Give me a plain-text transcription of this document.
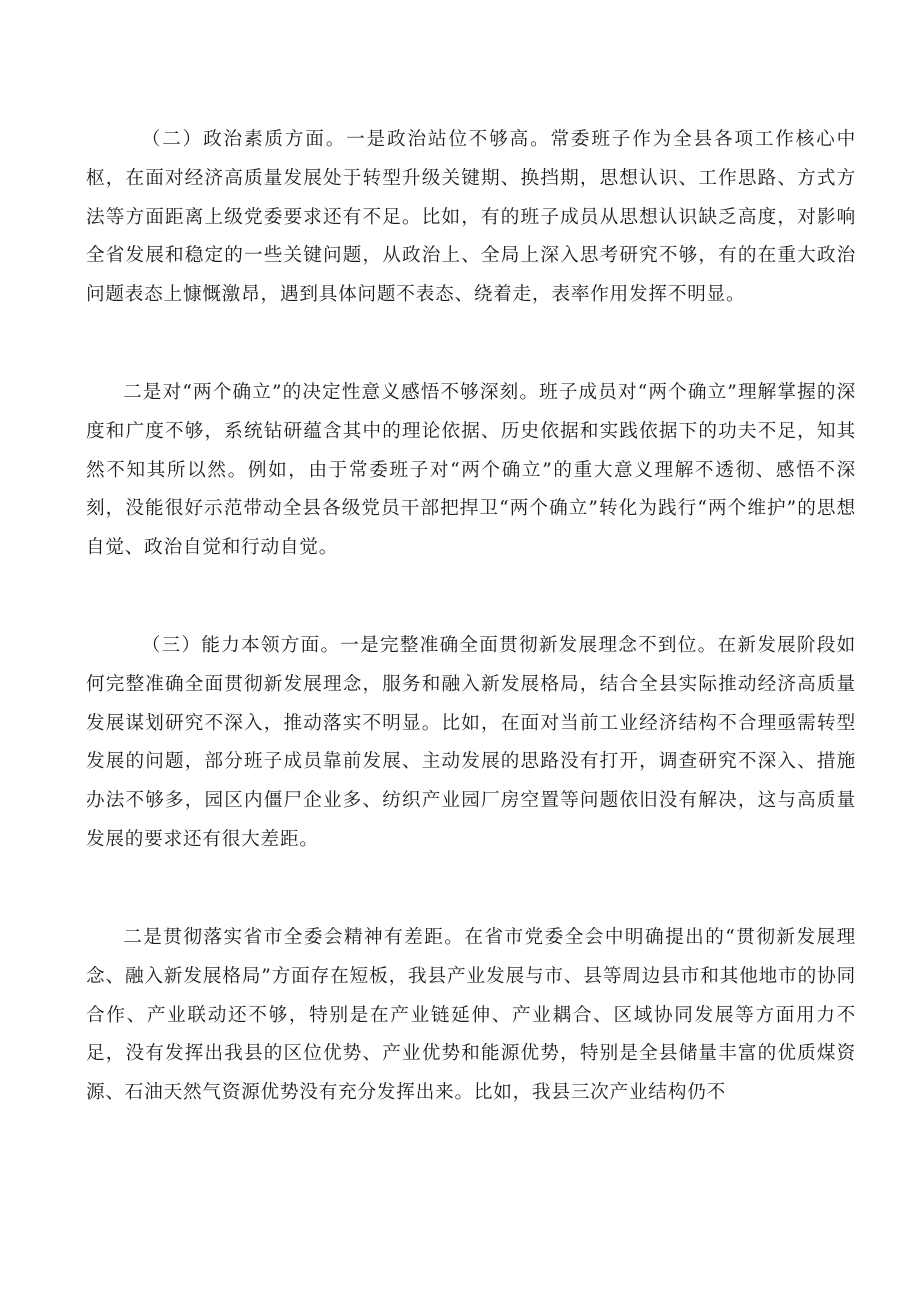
（二）政治素质方面。一是政治站位不够高。常委班子作为全县各项工作核心中枢，在面对经济高质量发展处于转型升级关键期、换挡期，思想认识、工作思路、方式方法等方面距离上级党委要求还有不足。比如，有的班子成员从思想认识缺乏高度，对影响全省发展和稳定的一些关键问题，从政治上、全局上深入思考研究不够，有的在重大政治问题表态上慷慨激昂，遇到具体问题不表态、绕着走，表率作用发挥不明显。

二是对“两个确立”的决定性意义感悟不够深刻。班子成员对“两个确立”理解掌握的深度和广度不够，系统钻研蕴含其中的理论依据、历史依据和实践依据下的功夫不足，知其然不知其所以然。例如，由于常委班子对“两个确立”的重大意义理解不透彻、感悟不深刻，没能很好示范带动全县各级党员干部把捍卫“两个确立”转化为践行“两个维护”的思想自觉、政治自觉和行动自觉。

（三）能力本领方面。一是完整准确全面贯彻新发展理念不到位。在新发展阶段如何完整准确全面贯彻新发展理念，服务和融入新发展格局，结合全县实际推动经济高质量发展谋划研究不深入，推动落实不明显。比如，在面对当前工业经济结构不合理亟需转型发展的问题，部分班子成员靠前发展、主动发展的思路没有打开，调查研究不深入、措施办法不够多，园区内僵尸企业多、纺织产业园厂房空置等问题依旧没有解决，这与高质量发展的要求还有很大差距。

二是贯彻落实省市全委会精神有差距。在省市党委全会中明确提出的“贯彻新发展理念、融入新发展格局”方面存在短板，我县产业发展与市、县等周边县市和其他地市的协同合作、产业联动还不够，特别是在产业链延伸、产业耦合、区域协同发展等方面用力不足，没有发挥出我县的区位优势、产业优势和能源优势，特别是全县储量丰富的优质煤资源、石油天然气资源优势没有充分发挥出来。比如，我县三次产业结构仍不
